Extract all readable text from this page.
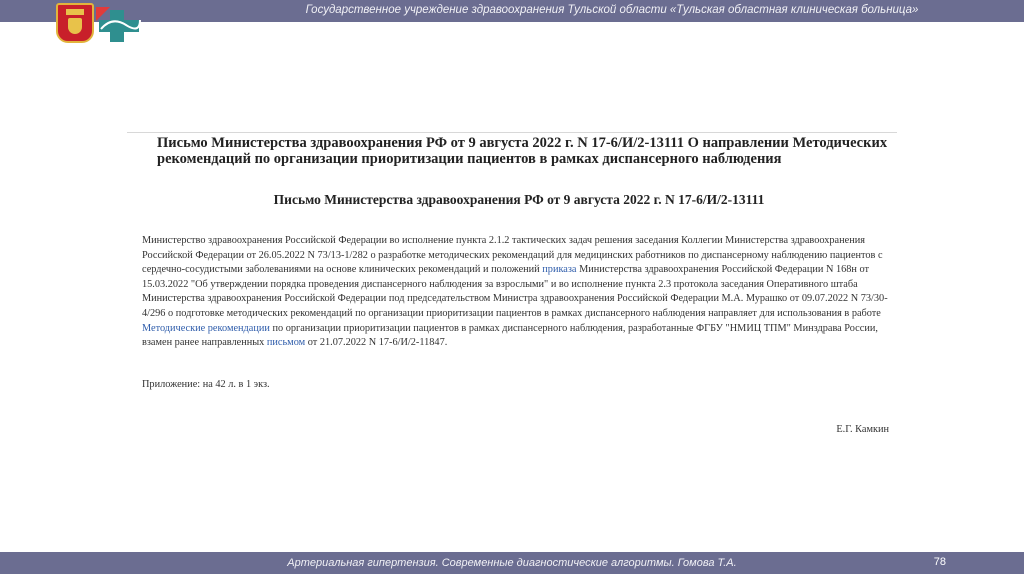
Государственное учреждение здравоохранения Тульской области «Тульская областная клиническая больница»
Письмо Министерства здравоохранения РФ от 9 августа 2022 г. N 17-6/И/2-13111 О направлении Методических рекомендаций по организации приоритизации пациентов в рамках диспансерного наблюдения
Письмо Министерства здравоохранения РФ от 9 августа 2022 г. N 17-6/И/2-13111

Министерство здравоохранения Российской Федерации во исполнение пункта 2.1.2 тактических задач решения заседания Коллегии Министерства здравоохранения Российской Федерации от 26.05.2022 N 73/13-1/282 о разработке методических рекомендаций для медицинских работников по диспансерному наблюдению пациентов с сердечно-сосудистыми заболеваниями на основе клинических рекомендаций и положений приказа Министерства здравоохранения Российской Федерации N 168н от 15.03.2022 "Об утверждении порядка проведения диспансерного наблюдения за взрослыми" и во исполнение пункта 2.3 протокола заседания Оперативного штаба Министерства здравоохранения Российской Федерации под председательством Министра здравоохранения Российской Федерации М.А. Мурашко от 09.07.2022 N 73/30-4/296 о подготовке методических рекомендаций по организации приоритизации пациентов в рамках диспансерного наблюдения направляет для использования в работе Методические рекомендации по организации приоритизации пациентов в рамках диспансерного наблюдения, разработанные ФГБУ "НМИЦ ТПМ" Минздрава России, взамен ранее направленных письмом от 21.07.2022 N 17-6/И/2-11847.

Приложение: на 42 л. в 1 экз.

Е.Г. Камкин

Артериальная гипертензия. Современные диагностические алгоритмы. Гомова Т.А.	78
